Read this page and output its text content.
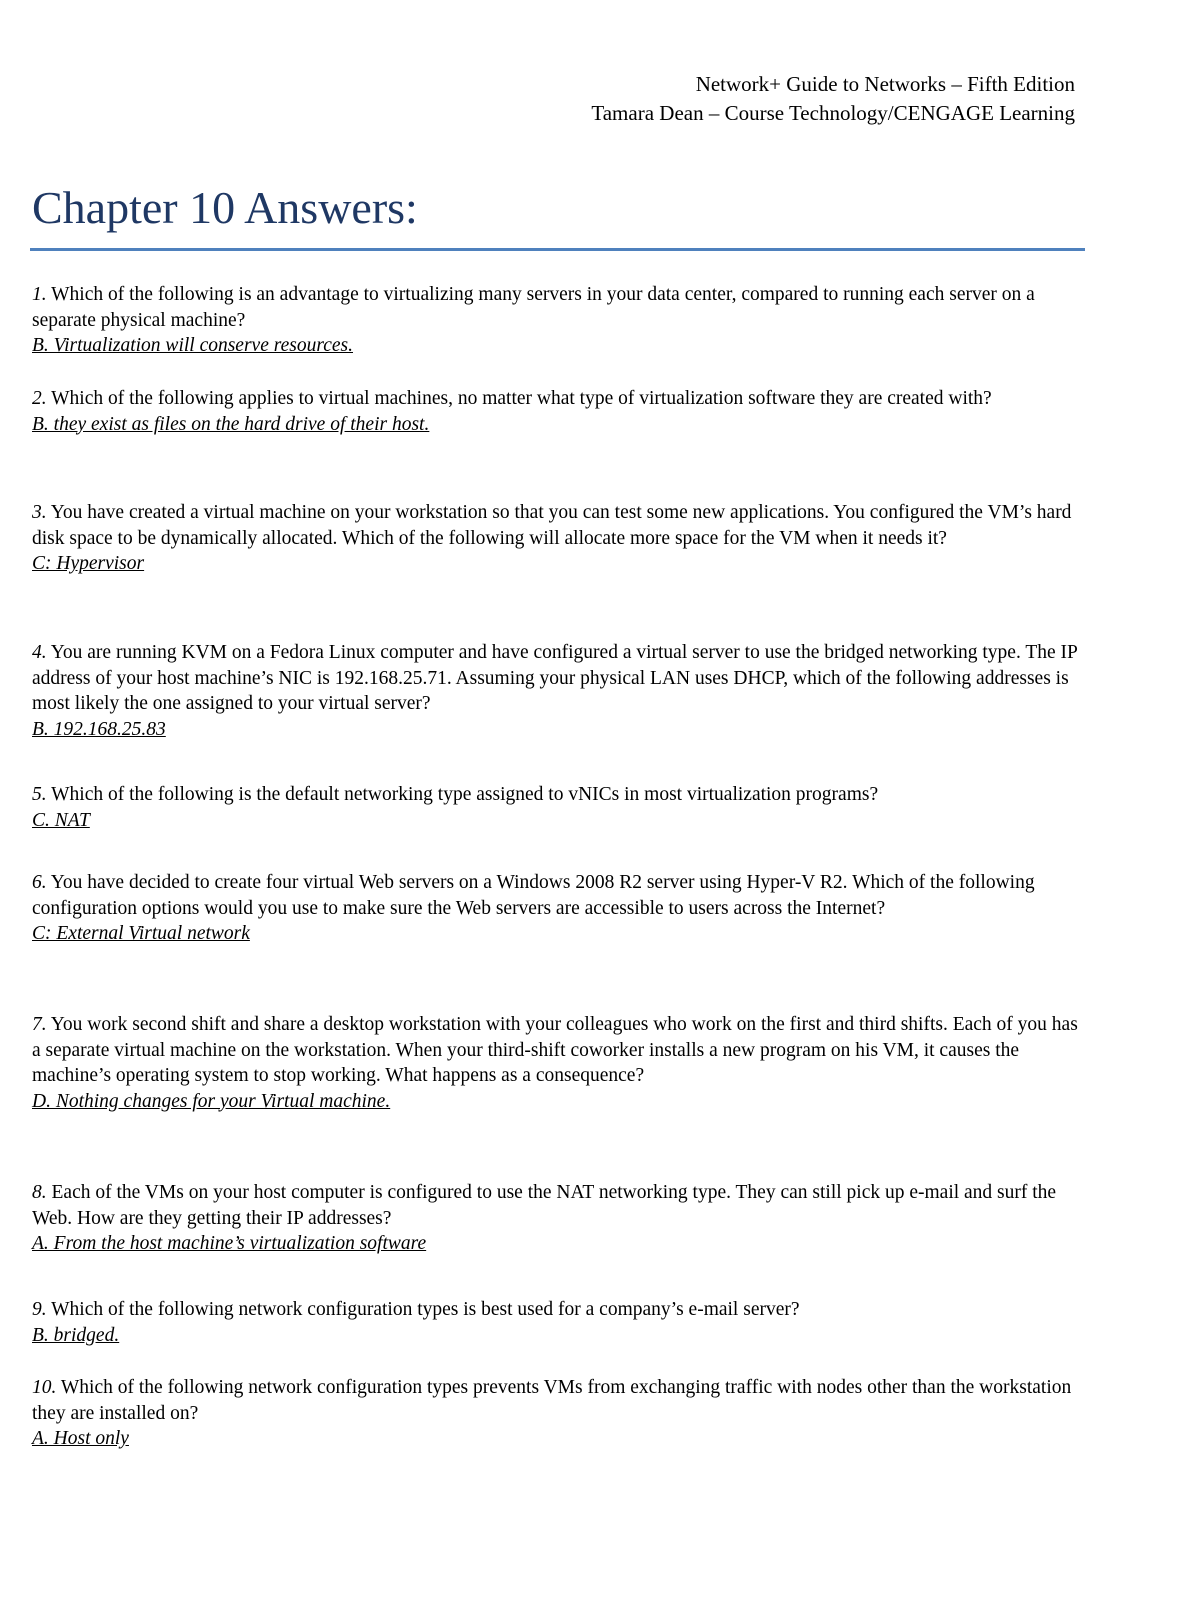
Network+ Guide to Networks – Fifth Edition
Tamara Dean – Course Technology/CENGAGE Learning
Chapter 10 Answers:
1. Which of the following is an advantage to virtualizing many servers in your data center, compared to running each server on a separate physical machine?
B. Virtualization will conserve resources.
2. Which of the following applies to virtual machines, no matter what type of virtualization software they are created with?
B. they exist as files on the hard drive of their host.
3. You have created a virtual machine on your workstation so that you can test some new applications. You configured the VM’s hard disk space to be dynamically allocated. Which of the following will allocate more space for the VM when it needs it?
C: Hypervisor
4. You are running KVM on a Fedora Linux computer and have configured a virtual server to use the bridged networking type. The IP address of your host machine’s NIC is 192.168.25.71. Assuming your physical LAN uses DHCP, which of the following addresses is most likely the one assigned to your virtual server?
B. 192.168.25.83
5. Which of the following is the default networking type assigned to vNICs in most virtualization programs?
C. NAT
6. You have decided to create four virtual Web servers on a Windows 2008 R2 server using Hyper-V R2. Which of the following configuration options would you use to make sure the Web servers are accessible to users across the Internet?
C: External Virtual network
7. You work second shift and share a desktop workstation with your colleagues who work on the first and third shifts. Each of you has a separate virtual machine on the workstation. When your third-shift coworker installs a new program on his VM, it causes the machine’s operating system to stop working. What happens as a consequence?
D. Nothing changes for your Virtual machine.
8. Each of the VMs on your host computer is configured to use the NAT networking type. They can still pick up e-mail and surf the Web. How are they getting their IP addresses?
A. From the host machine’s virtualization software
9. Which of the following network configuration types is best used for a company’s e-mail server?
B. bridged.
10. Which of the following network configuration types prevents VMs from exchanging traffic with nodes other than the workstation they are installed on?
A. Host only
